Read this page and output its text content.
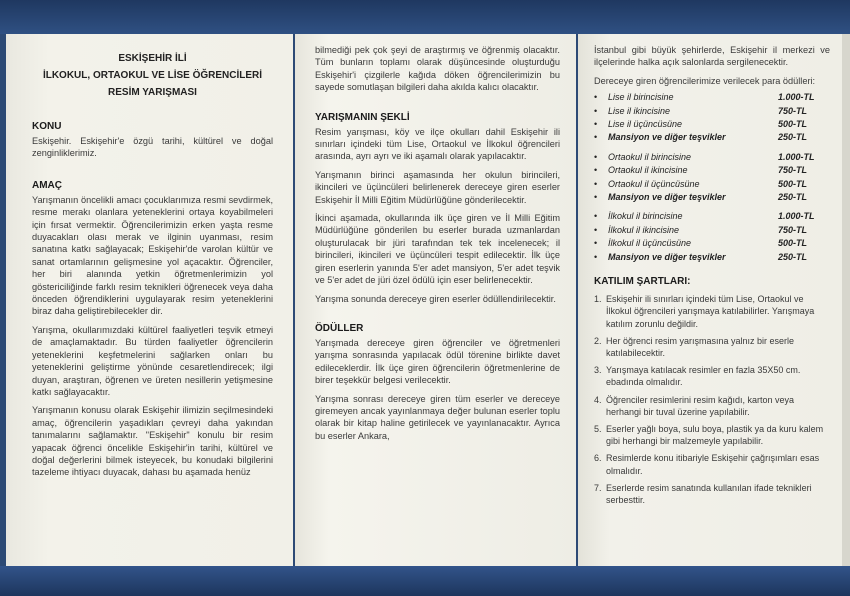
ESKİŞEHİR İLİ
İLKOKUL, ORTAOKUL VE LİSE ÖĞRENCİLERİ
RESİM YARIŞMASI
KONU
Eskişehir. Eskişehir'e özgü tarihi, kültürel ve doğal zenginliklerimiz.
AMAÇ
Yarışmanın öncelikli amacı çocuklarımıza resmi sevdirmek, resme merakı olanlara yeteneklerini ortaya koyabilmeleri için fırsat vermektir. Öğrencilerimizin erken yaşta resme duyacakları olası merak ve ilginin uyanması, resim sanatına katkı sağlayacak; Eskişehir'de varolan kültür ve sanat ortamlarının gelişmesine yol açacaktır. Öğrenciler, her biri alanında yetkin öğretmenlerimizin yol göstericiliğinde farklı resim teknikleri öğrenecek veya daha önceden öğrendiklerini uygulayarak resim yeteneklerini biraz daha geliştirebilecekler dir.
Yarışma, okullarımızdaki kültürel faaliyetleri teşvik etmeyi de amaçlamaktadır. Bu türden faaliyetler öğrencilerin yeteneklerini keşfetmelerini sağlarken onları bu yeteneklerini geliştirme yönünde cesaretlendirecek; ilgi duyan, araştıran, öğrenen ve üreten nesillerin yetişmesine katkı sağlayacaktır.
Yarışmanın konusu olarak Eskişehir ilimizin seçilmesindeki amaç, öğrencilerin yaşadıkları çevreyi daha yakından tanımalarını sağlamaktır. "Eskişehir" konulu bir resim yapacak öğrenci öncelikle Eskişehir'in tarihi, kültürel ve doğal değerlerini bilmek isteyecek, bu konudaki bilgilerini tazeleme ihtiyacı duyacak, dahası bu aşamada henüz
bilmediği pek çok şeyi de araştırmış ve öğrenmiş olacaktır. Tüm bunların toplamı olarak düşüncesinde oluşturduğu Eskişehir'i çizgilerle kağıda döken öğrencilerimizin bu sayede somutlaşan bilgileri daha akılda kalıcı olacaktır.
YARIŞMANIN ŞEKLİ
Resim yarışması, köy ve ilçe okulları dahil Eskişehir ili sınırları içindeki tüm Lise, Ortaokul ve İlkokul öğrencileri arasında, ayrı ayrı ve iki aşamalı olarak yapılacaktır.
Yarışmanın birinci aşamasında her okulun birincileri, ikincileri ve üçüncüleri belirlenerek dereceye giren eserler Eskişehir İl Milli Eğitim Müdürlüğüne gönderilecektir.
İkinci aşamada, okullarında ilk üçe giren ve İl Milli Eğitim Müdürlüğüne gönderilen bu eserler burada uzmanlardan oluşturulacak bir jüri tarafından tek tek incelenecek; il birincileri, ikincileri ve üçüncüleri tespit edilecektir. İlk üçe giren eserlerin yanında 5'er adet mansiyon, 5'er adet teşvik ve 5'er adet de jüri özel ödülü için eser belirlenecektir.
Yarışma sonunda dereceye giren eserler ödüllendirilecektir.
ÖDÜLLER
Yarışmada dereceye giren öğrenciler ve öğretmenleri yarışma sonrasında yapılacak ödül törenine birlikte davet edileceklerdir. İlk üçe giren öğrencilerin öğretmenlerine de birer teşekkür belgesi verilecektir.
Yarışma sonrası dereceye giren tüm eserler ve dereceye giremeyen ancak yayınlanmaya değer bulunan eserler toplu olarak bir kitap haline getirilecek ve yayınlanacaktır. Ayrıca bu eserler Ankara,
İstanbul gibi büyük şehirlerde, Eskişehir il merkezi ve ilçelerinde halka açık salonlarda sergilenecektir.
Dereceye giren öğrencilerimize verilecek para ödülleri:
•	Lise il birincisine	1.000-TL
•	Lise il ikincisine	750-TL
•	Lise il üçüncüsüne	500-TL
•	Mansiyon ve diğer teşvikler	250-TL
•	Ortaokul il birincisine	1.000-TL
•	Ortaokul il ikincisine	750-TL
•	Ortaokul il üçüncüsüne	500-TL
•	Mansiyon ve diğer teşvikler	250-TL
•	İlkokul il birincisine	1.000-TL
•	İlkokul il ikincisine	750-TL
•	İlkokul il üçüncüsüne	500-TL
•	Mansiyon ve diğer teşvikler	250-TL
KATILIM ŞARTLARI:
1. Eskişehir ili sınırları içindeki tüm Lise, Ortaokul ve İlkokul öğrencileri yarışmaya katılabilirler. Yarışmaya katılım zorunlu değildir.
2. Her öğrenci resim yarışmasına yalnız bir eserle katılabilecektir.
3. Yarışmaya katılacak resimler en fazla 35X50 cm. ebadında olmalıdır.
4. Öğrenciler resimlerini resim kağıdı, karton veya herhangi bir tuval üzerine yapılabilir.
5. Eserler yağlı boya, sulu boya, plastik ya da kuru kalem gibi herhangi bir malzemeyle yapılabilir.
6. Resimlerde konu itibariyle Eskişehir çağrışımları esas olmalıdır.
7. Eserlerde resim sanatında kullanılan ifade teknikleri serbesttir.
